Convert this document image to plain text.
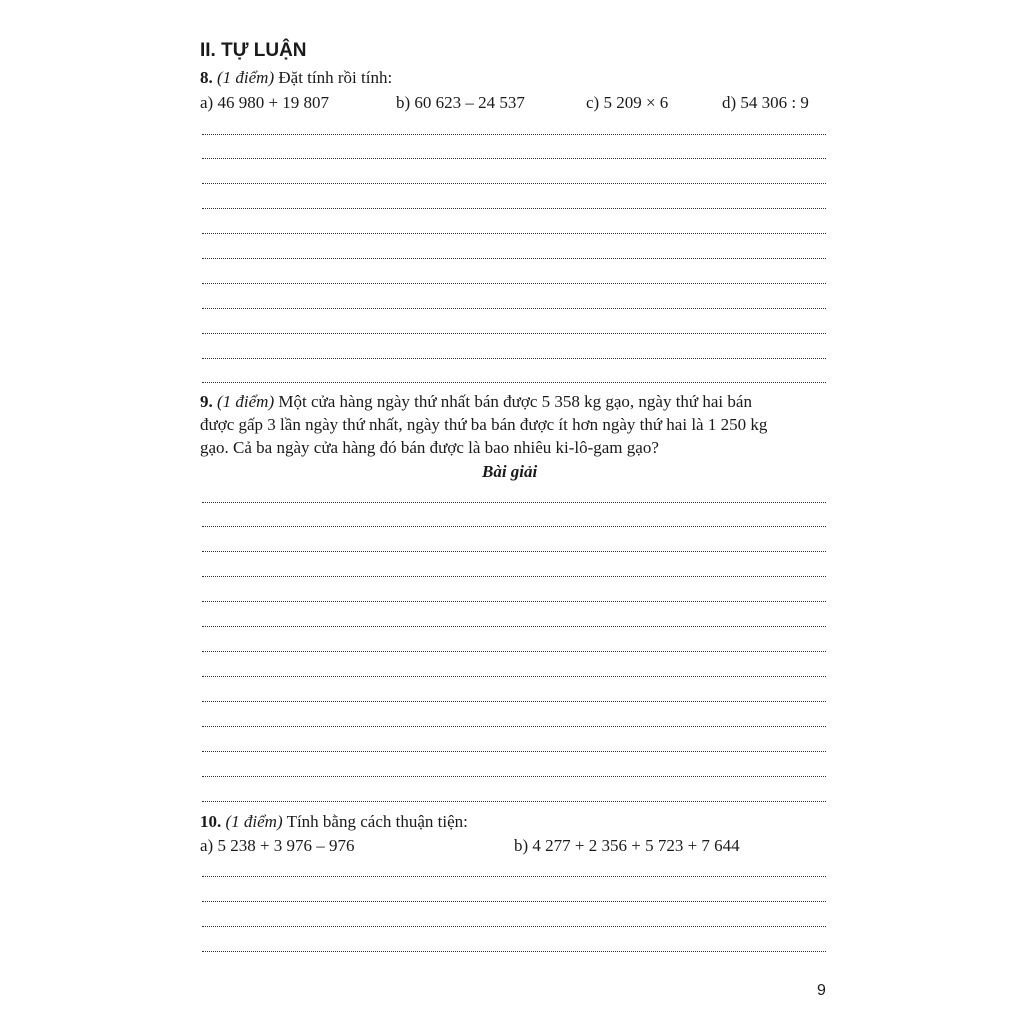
II. TỰ LUẬN
8. (1 điểm) Đặt tính rồi tính:
a) 46 980 + 19 807	b) 60 623 – 24 537	c) 5 209 × 6	d) 54 306 : 9
9. (1 điểm) Một cửa hàng ngày thứ nhất bán được 5 358 kg gạo, ngày thứ hai bán
được gấp 3 lần ngày thứ nhất, ngày thứ ba bán được ít hơn ngày thứ hai là 1 250 kg
gạo. Cả ba ngày cửa hàng đó bán được là bao nhiêu ki-lô-gam gạo?
Bài giải
10. (1 điểm) Tính bằng cách thuận tiện:
a) 5 238 + 3 976 – 976	b) 4 277 + 2 356 + 5 723 + 7 644
9
